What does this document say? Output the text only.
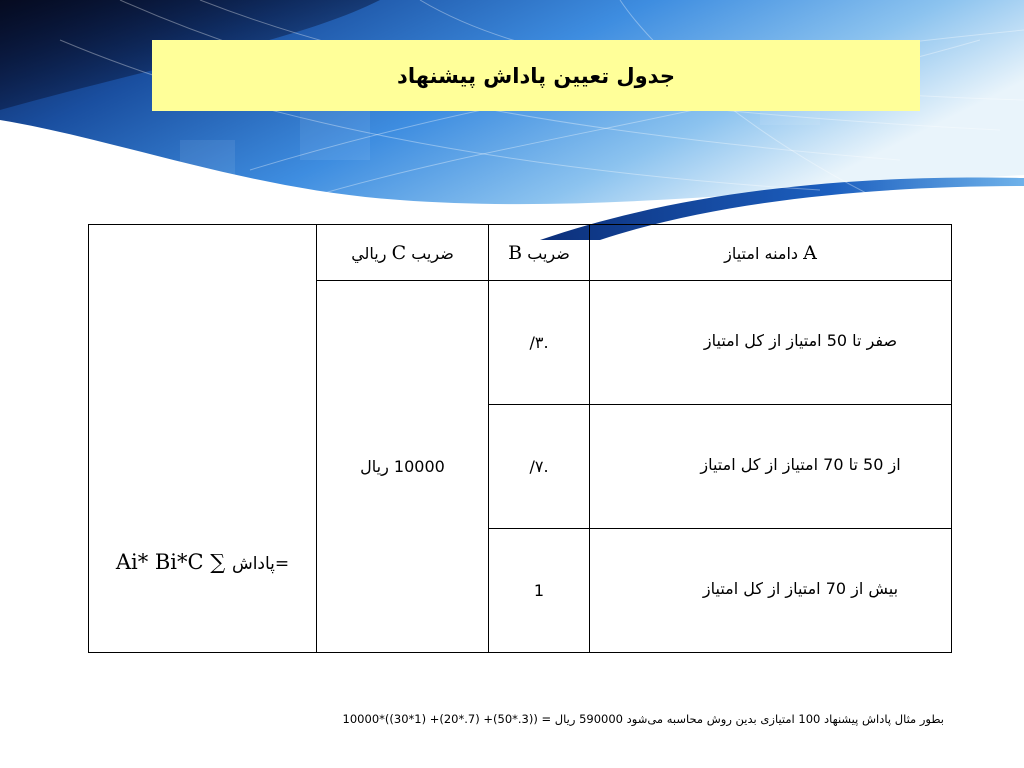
جدول تعیین پاداش پیشنهاد
Ai* Bi*C ∑ پاداش=	ضريب C ريالي	ضريب B	A دامنه امتیاز
	10000 ريال	/۳.	صفر تا 50 امتیاز از کل امتیاز
		/۷.	از 50 تا 70 امتیاز از کل امتیاز
		1	بیش از 70 امتیاز از کل امتیاز
بطور مثال پاداش پیشنهاد 100 امتیازی بدین روش محاسبه می‌شود 590000 ریال = ((3.*50)+ (7.*20)+ (1*30))*10000
